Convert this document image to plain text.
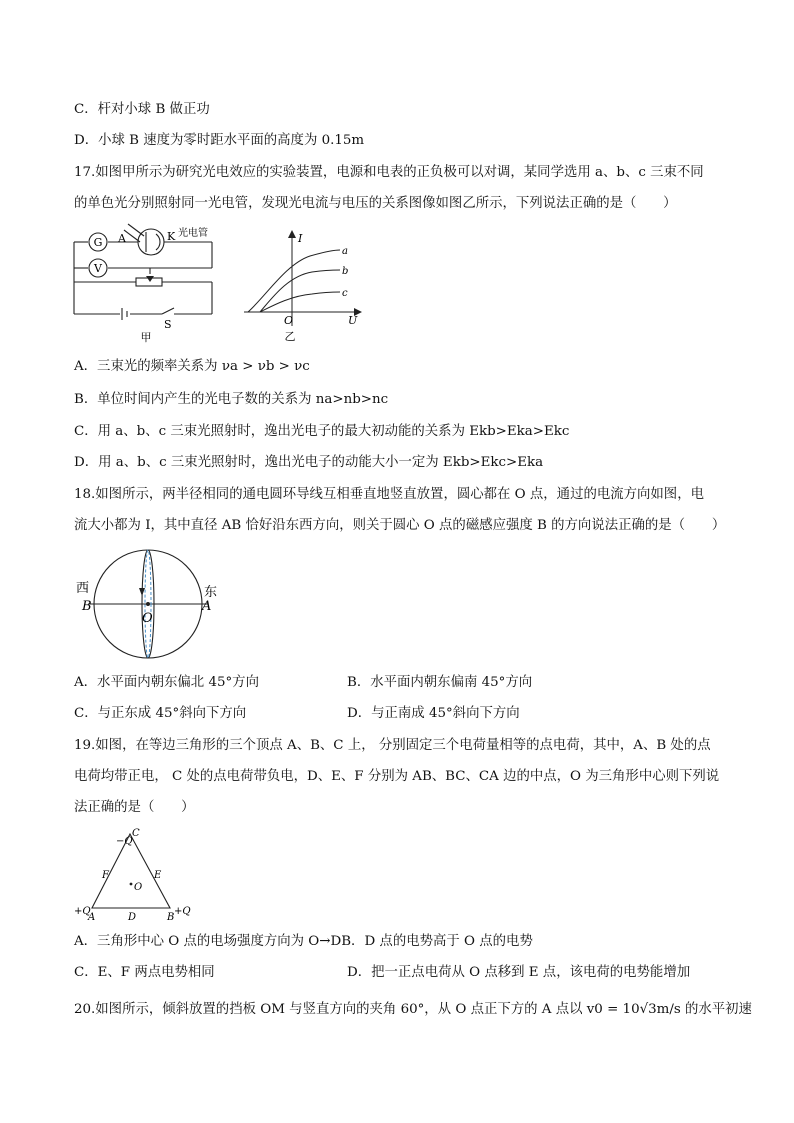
C．杆对小球 B 做正功
D．小球 B 速度为零时距水平面的高度为 0.15m
17.如图甲所示为研究光电效应的实验装置，电源和电表的正负极可以对调，某同学选用 a、b、c 三束不同
的单色光分别照射同一光电管，发现光电流与电压的关系图像如图乙所示，下列说法正确的是（　　）
G
V
A	K 光电管
S
甲
I
U
O
a
b
c
乙
A．三束光的频率关系为 νa > νb > νc
B．单位时间内产生的光电子数的关系为 na>nb>nc
C．用 a、b、c 三束光照射时，逸出光电子的最大初动能的关系为 Ekb>Eka>Ekc
D．用 a、b、c 三束光照射时，逸出光电子的动能大小一定为 Ekb>Ekc>Eka
18.如图所示，两半径相同的通电圆环导线互相垂直地竖直放置，圆心都在 O 点，通过的电流方向如图，电
流大小都为 I，其中直径 AB 恰好沿东西方向，则关于圆心 O 点的磁感应强度 B 的方向说法正确的是（　　）
西	东
B	A
O
A．水平面内朝东偏北 45°方向	B．水平面内朝东偏南 45°方向
C．与正东成 45°斜向下方向	D．与正南成 45°斜向下方向
19.如图，在等边三角形的三个顶点 A、B、C 上， 分别固定三个电荷量相等的点电荷，其中，A、B 处的点
电荷均带正电， C 处的点电荷带负电，D、E、F 分别为 AB、BC、CA 边的中点，O 为三角形中心则下列说
法正确的是（　　）
C
−Q
F	E
O
+Q
A	D	B
+Q
A．三角形中心 O 点的电场强度方向为 O→DB．D 点的电势高于 O 点的电势
C．E、F 两点电势相同	D．把一正点电荷从 O 点移到 E 点，该电荷的电势能增加
20.如图所示，倾斜放置的挡板 OM 与竖直方向的夹角 60°，从 O 点正下方的 A 点以 v0 = 10√3m/s 的水平初速
